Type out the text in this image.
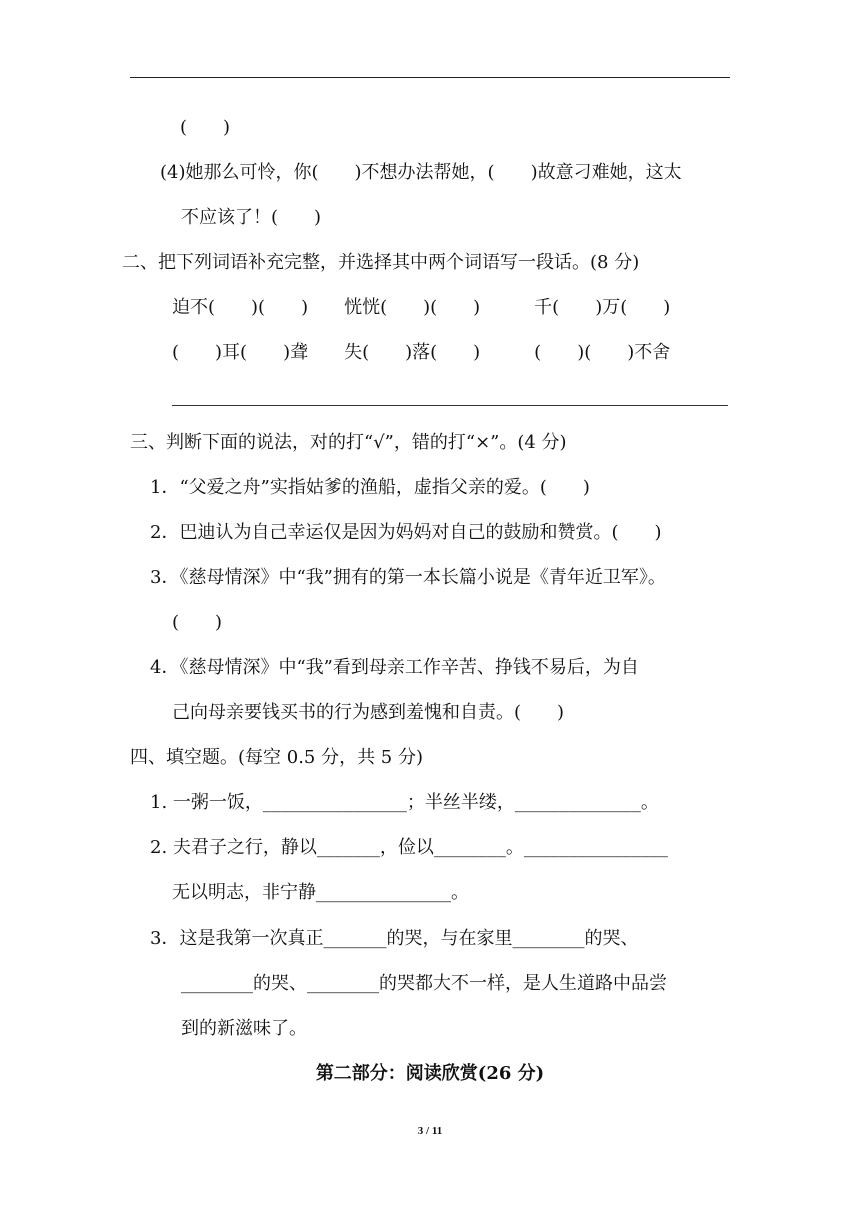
(　　)
(4)她那么可怜，你(　　)不想办法帮她，(　　)故意刁难她，这太
不应该了！(　　)
二、把下列词语补充完整，并选择其中两个词语写一段话。(8 分)
迫不(　　)(　　)　　恍恍(　　)(　　)　　　千(　　)万(　　)
(　　)耳(　　)聋　　失(　　)落(　　)　　　(　　)(　　)不舍
三、判断下面的说法，对的打“√”，错的打“×”。(4 分)
1．“父爱之舟”实指姑爹的渔船，虚指父亲的爱。(　　)
2．巴迪认为自己幸运仅是因为妈妈对自己的鼓励和赞赏。(　　)
3．《慈母情深》中“我”拥有的第一本长篇小说是《青年近卫军》。
(　　)
4．《慈母情深》中“我”看到母亲工作辛苦、挣钱不易后，为自
己向母亲要钱买书的行为感到羞愧和自责。(　　)
四、填空题。(每空 0.5 分，共 5 分)
1. 一粥一饭，________________；半丝半缕，______________。
2. 夫君子之行，静以_______，俭以________。________________
无以明志，非宁静_______________。
3．这是我第一次真正_______的哭，与在家里________的哭、
________的哭、________的哭都大不一样，是人生道路中品尝
到的新滋味了。
第二部分：阅读欣赏(26 分)
3 / 11
